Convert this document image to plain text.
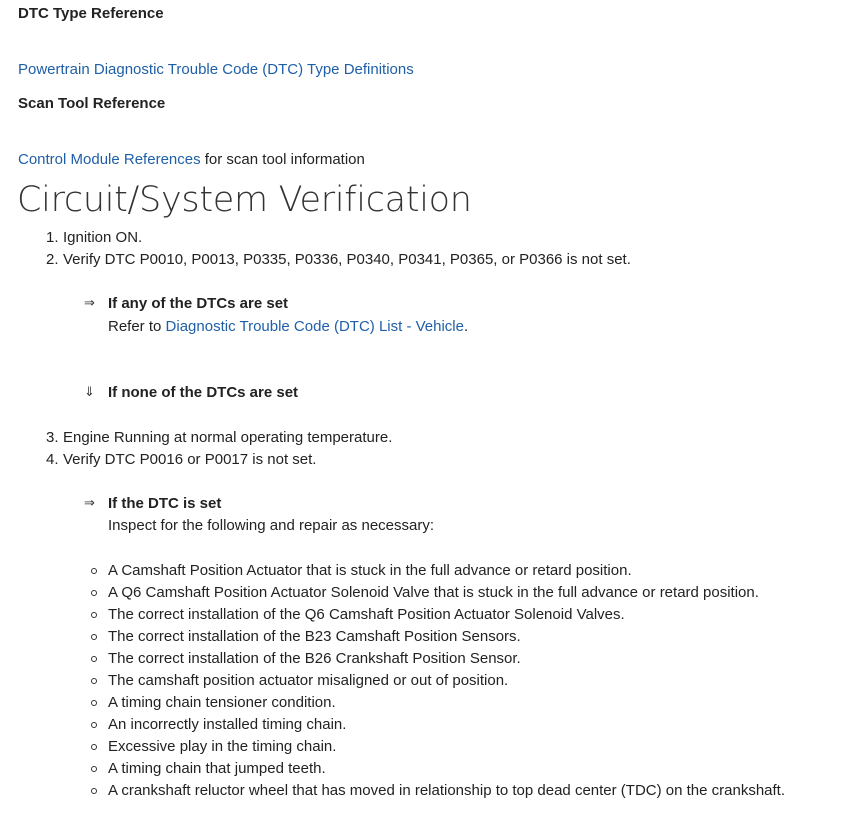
DTC Type Reference
Powertrain Diagnostic Trouble Code (DTC) Type Definitions
Scan Tool Reference
Control Module References for scan tool information
Circuit/System Verification
1. Ignition ON.
2. Verify DTC P0010, P0013, P0335, P0336, P0340, P0341, P0365, or P0366 is not set.
⇒ If any of the DTCs are set
Refer to Diagnostic Trouble Code (DTC) List - Vehicle.
⇓ If none of the DTCs are set
3. Engine Running at normal operating temperature.
4. Verify DTC P0016 or P0017 is not set.
⇒ If the DTC is set
Inspect for the following and repair as necessary:
A Camshaft Position Actuator that is stuck in the full advance or retard position.
A Q6 Camshaft Position Actuator Solenoid Valve that is stuck in the full advance or retard position.
The correct installation of the Q6 Camshaft Position Actuator Solenoid Valves.
The correct installation of the B23 Camshaft Position Sensors.
The correct installation of the B26 Crankshaft Position Sensor.
The camshaft position actuator misaligned or out of position.
A timing chain tensioner condition.
An incorrectly installed timing chain.
Excessive play in the timing chain.
A timing chain that jumped teeth.
A crankshaft reluctor wheel that has moved in relationship to top dead center (TDC) on the crankshaft.
